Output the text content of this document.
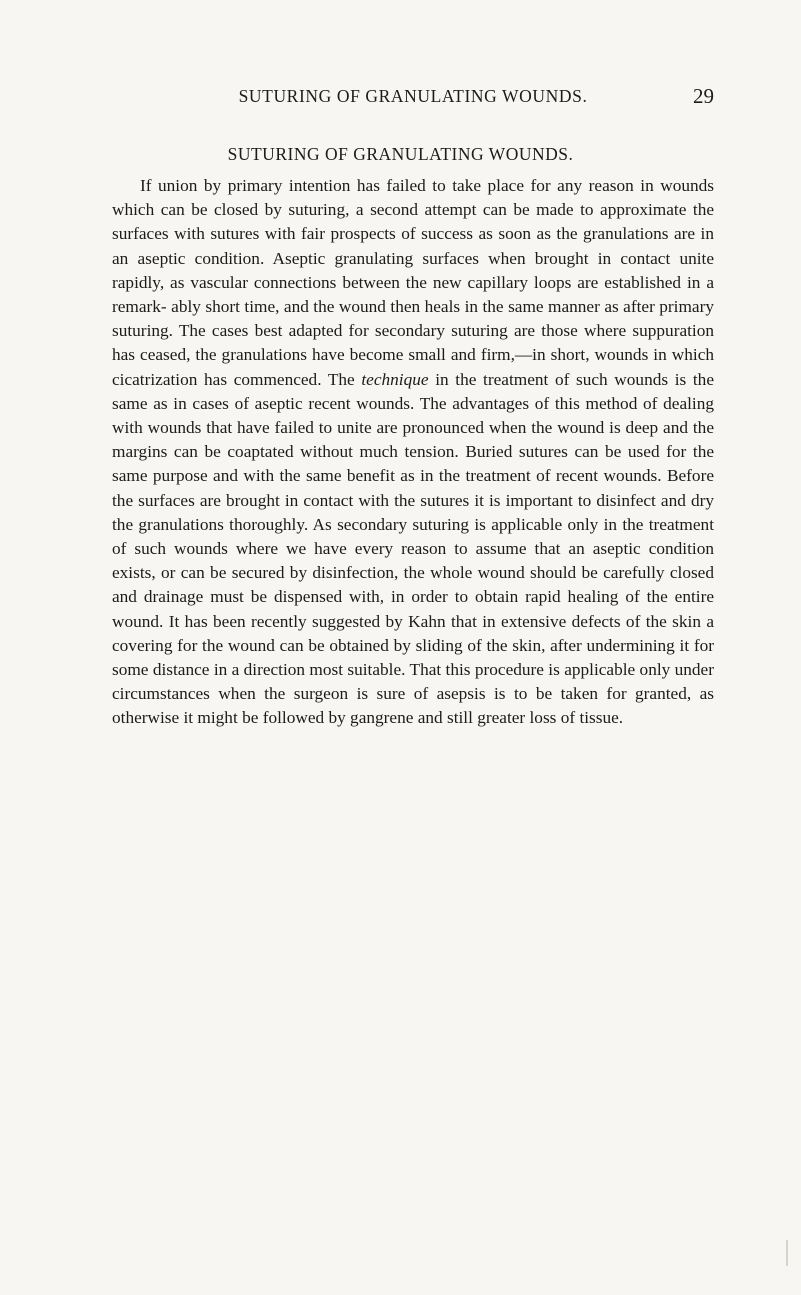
SUTURING OF GRANULATING WOUNDS.	29
SUTURING OF GRANULATING WOUNDS.

If union by primary intention has failed to take place for any reason in wounds which can be closed by suturing, a second attempt can be made to approximate the surfaces with sutures with fair prospects of success as soon as the granulations are in an aseptic condition. Aseptic granulating surfaces when brought in contact unite rapidly, as vascular connections between the new capillary loops are established in a remark- ably short time, and the wound then heals in the same manner as after primary suturing. The cases best adapted for secondary suturing are those where suppuration has ceased, the granulations have become small and firm,—in short, wounds in which cicatrization has commenced. The technique in the treatment of such wounds is the same as in cases of aseptic recent wounds. The advantages of this method of dealing with wounds that have failed to unite are pronounced when the wound is deep and the margins can be coaptated without much tension. Buried sutures can be used for the same purpose and with the same benefit as in the treatment of recent wounds. Before the surfaces are brought in contact with the sutures it is important to disinfect and dry the granulations thoroughly. As secondary suturing is applicable only in the treatment of such wounds where we have every reason to assume that an aseptic condition exists, or can be secured by disinfection, the whole wound should be carefully closed and drainage must be dispensed with, in order to obtain rapid healing of the entire wound. It has been recently suggested by Kahn that in extensive defects of the skin a covering for the wound can be obtained by sliding of the skin, after undermining it for some distance in a direction most suitable. That this procedure is applicable only under circumstances when the surgeon is sure of asepsis is to be taken for granted, as otherwise it might be followed by gangrene and still greater loss of tissue.
